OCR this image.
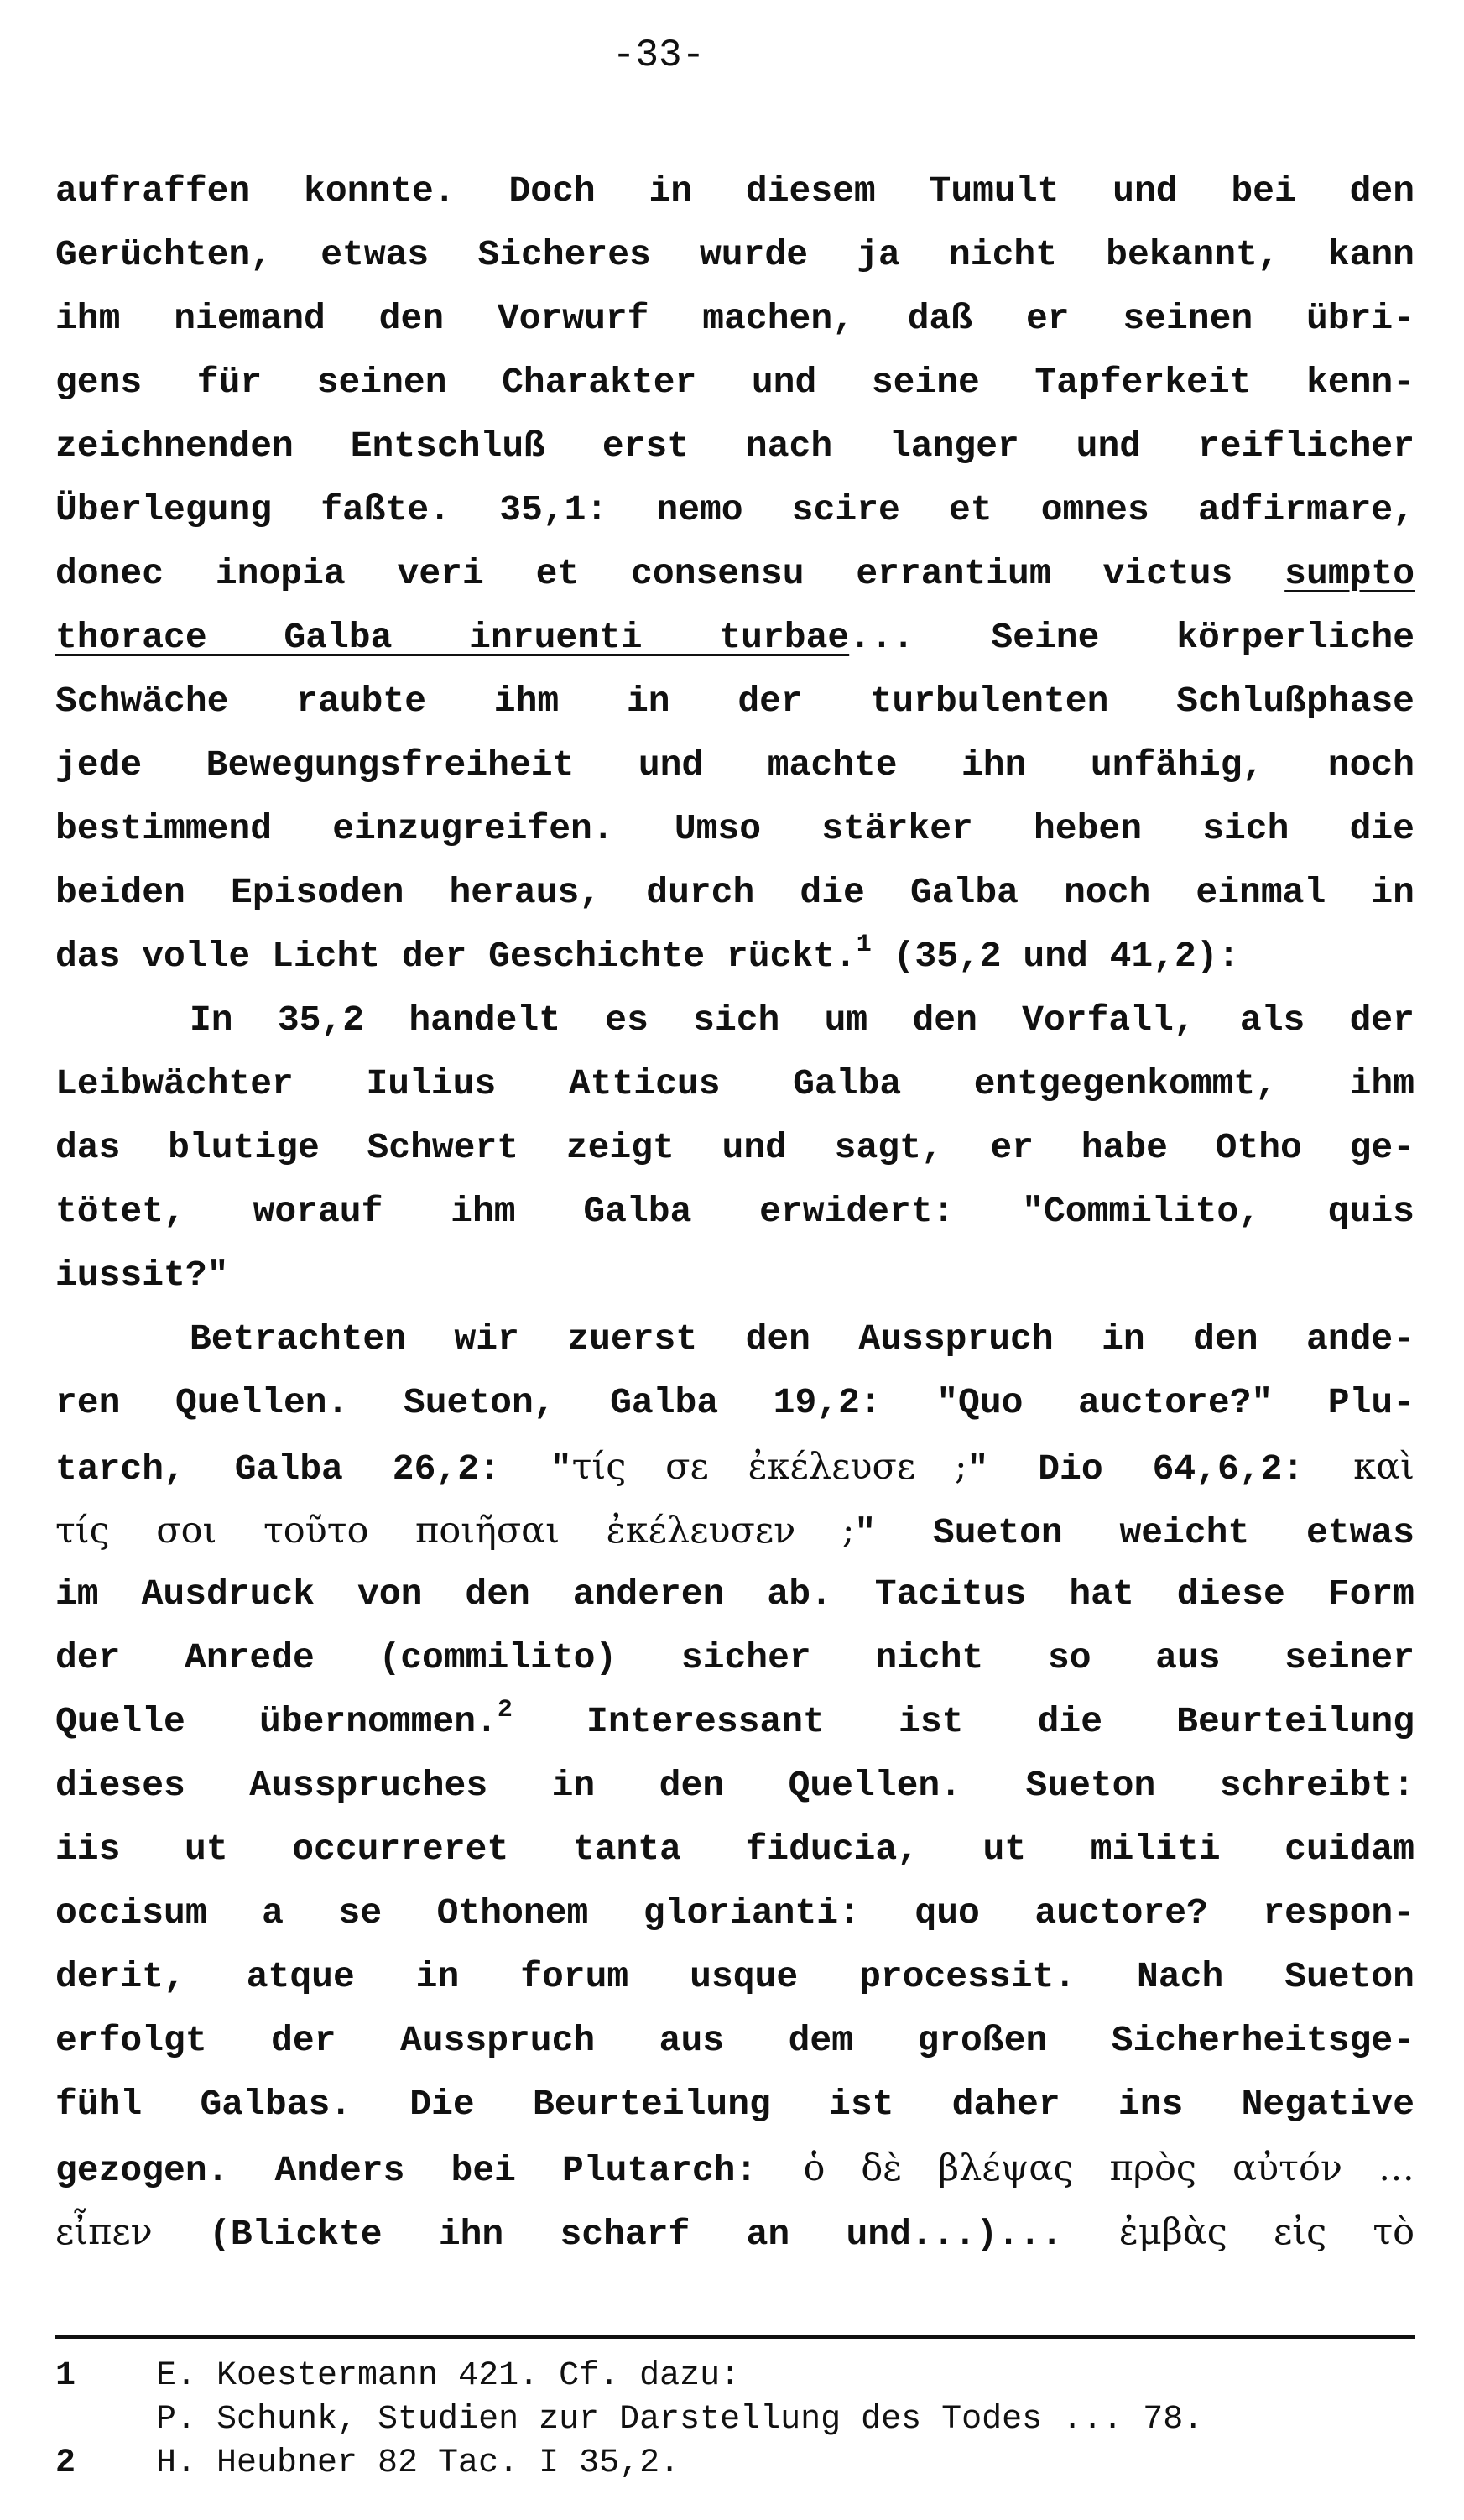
-33-
aufraffen konnte. Doch in diesem Tumult und bei den
Gerüchten, etwas Sicheres wurde ja nicht bekannt, kann
ihm niemand den Vorwurf machen, daß er seinen übri-
gens für seinen Charakter und seine Tapferkeit kenn-
zeichnenden Entschluß erst nach langer und reiflicher
Überlegung faßte. 35,1: nemo scire et omnes adfirmare,
donec inopia veri et consensu errantium victus sumpto
thorace Galba inruenti turbae... Seine körperliche
Schwäche raubte ihm in der turbulenten Schlußphase
jede Bewegungsfreiheit und machte ihn unfähig, noch
bestimmend einzugreifen. Umso stärker heben sich die
beiden Episoden heraus, durch die Galba noch einmal in
das volle Licht der Geschichte rückt.$^1$ (35,2 und 41,2):
In 35,2 handelt es sich um den Vorfall, als der
Leibwächter Iulius Atticus Galba entgegenkommt, ihm
das blutige Schwert zeigt und sagt, er habe Otho ge-
tötet, worauf ihm Galba erwidert: "Commilito, quis
iussit?"
Betrachten wir zuerst den Ausspruch in den ande-
ren Quellen. Sueton, Galba 19,2: "Quo auctore?" Plu-
tarch, Galba 26,2: "τίς σε ἐκέλευσε ;" Dio 64,6,2: καὶ
τίς σοι τοῦτο ποιῆσαι ἐκέλευσεν ;" Sueton weicht etwas
im Ausdruck von den anderen ab. Tacitus hat diese Form
der Anrede (commilito) sicher nicht so aus seiner
Quelle übernommen.$^2$ Interessant ist die Beurteilung
dieses Ausspruches in den Quellen. Sueton schreibt:
iis ut occurreret tanta fiducia, ut militi cuidam
occisum a se Othonem glorianti: quo auctore? respon-
derit, atque in forum usque processit. Nach Sueton
erfolgt der Ausspruch aus dem großen Sicherheitsge-
fühl Galbas. Die Beurteilung ist daher ins Negative
gezogen. Anders bei Plutarch: ὁ δὲ βλέψας πρὸς αὐτόν …
εἶπεν (Blickte ihn scharf an und...)... ἐμβὰς εἰς τὸ
1	E. Koestermann 421. Cf. dazu:
P. Schunk, Studien zur Darstellung des Todes ... 78.
2	H. Heubner 82 Tac. I 35,2.
